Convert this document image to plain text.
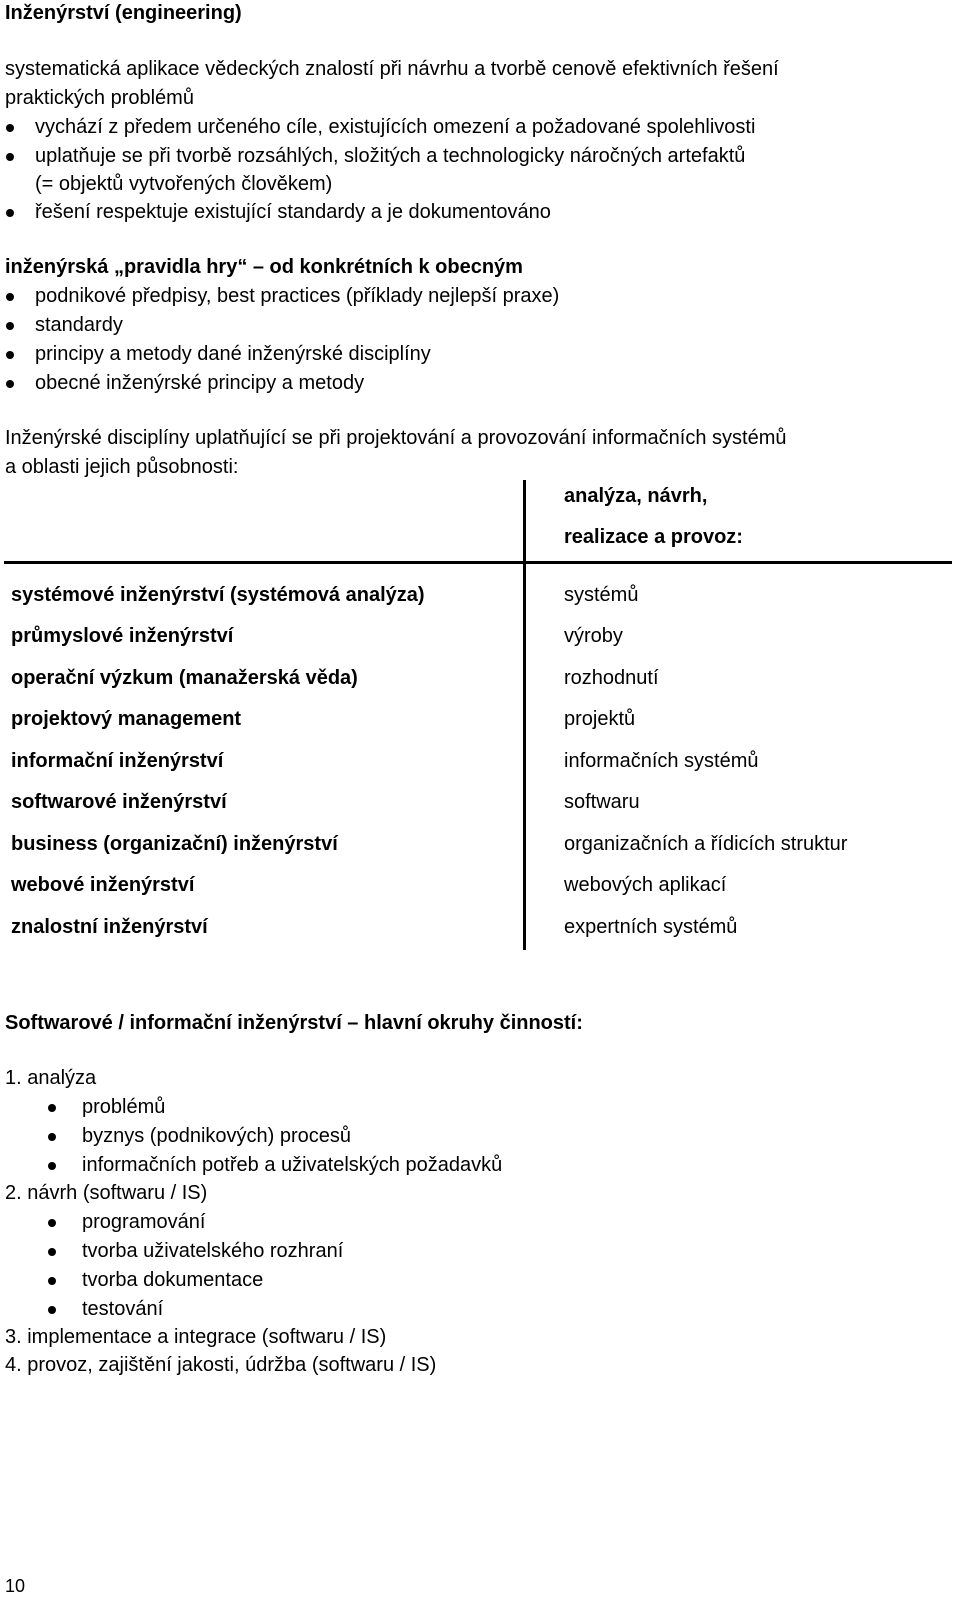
Inženýrství (engineering)
systematická aplikace vědeckých znalostí při návrhu a tvorbě cenově efektivních řešení
praktických problémů
vychází z předem určeného cíle, existujících omezení a požadované spolehlivosti
uplatňuje se při tvorbě rozsáhlých, složitých a technologicky náročných artefaktů
(= objektů vytvořených člověkem)
řešení respektuje existující standardy a je dokumentováno
inženýrská „pravidla hry“ – od konkrétních k obecným
podnikové předpisy, best practices (příklady nejlepší praxe)
standardy
principy a metody dané inženýrské disciplíny
obecné inženýrské principy a metody
Inženýrské disciplíny uplatňující se při projektování a provozování informačních systémů
a oblasti jejich působnosti:
analýza, návrh,
realizace a provoz:
systémové inženýrství (systémová analýza)	systémů
průmyslové inženýrství	výroby
operační výzkum (manažerská věda)	rozhodnutí
projektový management	projektů
informační inženýrství	informačních systémů
softwarové inženýrství	softwaru
business (organizační) inženýrství	organizačních a řídicích struktur
webové inženýrství	webových aplikací
znalostní inženýrství	expertních systémů
Softwarové / informační inženýrství – hlavní okruhy činností:
1. analýza
problémů
byznys (podnikových) procesů
informačních potřeb a uživatelských požadavků
2. návrh (softwaru / IS)
programování
tvorba uživatelského rozhraní
tvorba dokumentace
testování
3. implementace a integrace (softwaru / IS)
4. provoz, zajištění jakosti, údržba (softwaru / IS)
10
